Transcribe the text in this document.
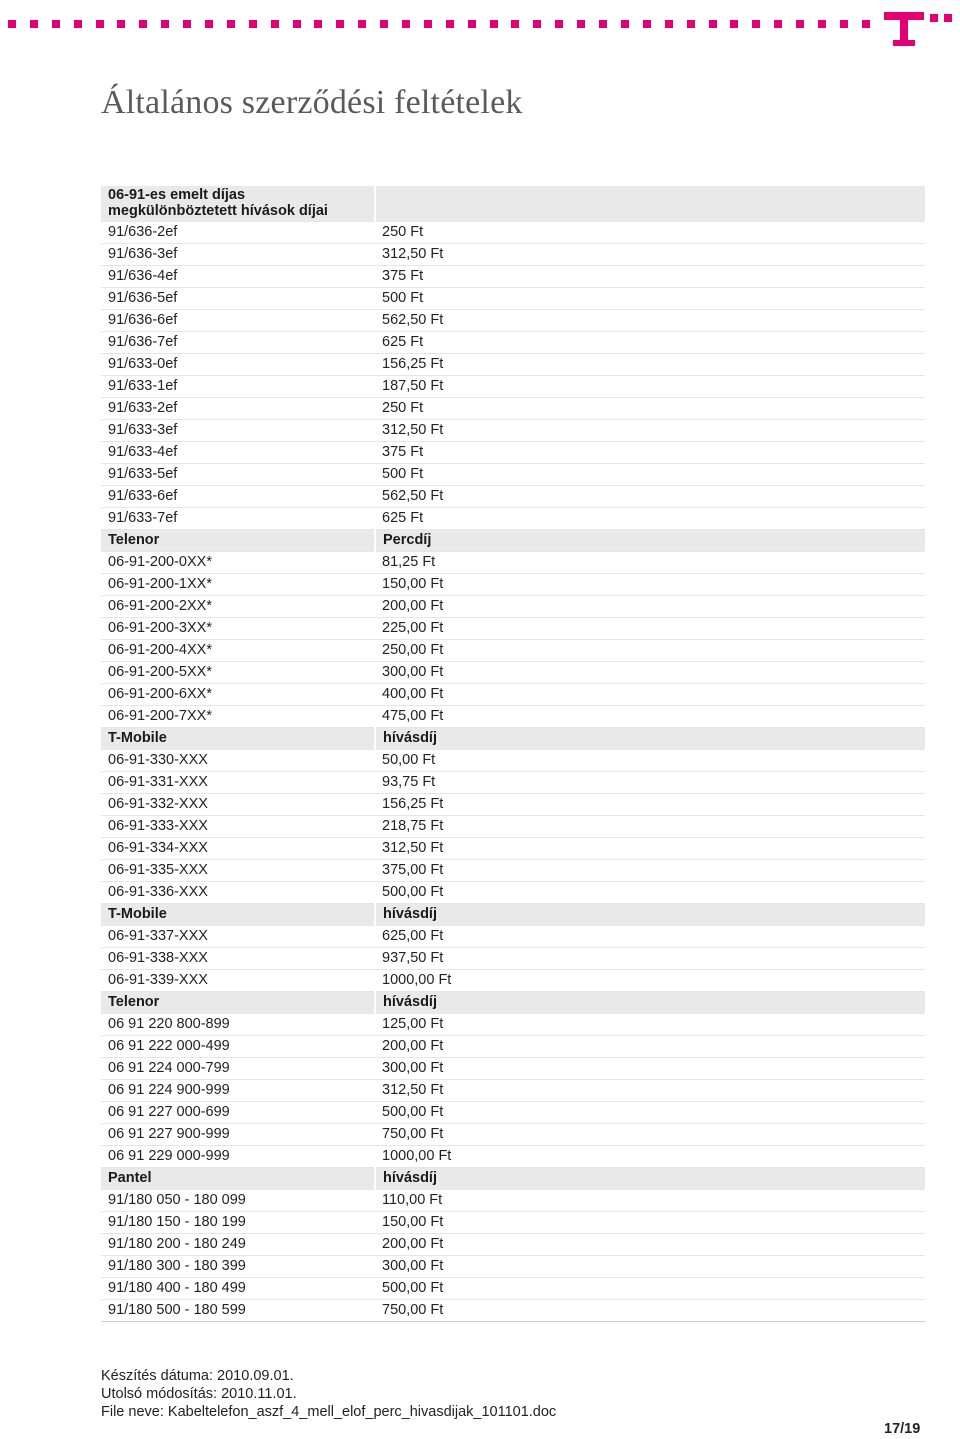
Általános szerződési feltételek
06-91-es emelt díjas
megkülönböztetett hívások díjai	

91/636-2ef	250 Ft
91/636-3ef	312,50 Ft
91/636-4ef	375 Ft
91/636-5ef	500 Ft
91/636-6ef	562,50 Ft
91/636-7ef	625 Ft
91/633-0ef	156,25 Ft
91/633-1ef	187,50 Ft
91/633-2ef	250 Ft
91/633-3ef	312,50 Ft
91/633-4ef	375 Ft
91/633-5ef	500 Ft
91/633-6ef	562,50 Ft
91/633-7ef	625 Ft
Telenor	Percdíj
06-91-200-0XX*	81,25 Ft
06-91-200-1XX*	150,00 Ft
06-91-200-2XX*	200,00 Ft
06-91-200-3XX*	225,00 Ft
06-91-200-4XX*	250,00 Ft
06-91-200-5XX*	300,00 Ft
06-91-200-6XX*	400,00 Ft
06-91-200-7XX*	475,00 Ft
T-Mobile	hívásdíj
06-91-330-XXX	50,00 Ft
06-91-331-XXX	93,75 Ft
06-91-332-XXX	156,25 Ft
06-91-333-XXX	218,75 Ft
06-91-334-XXX	312,50 Ft
06-91-335-XXX	375,00 Ft
06-91-336-XXX	500,00 Ft
T-Mobile	hívásdíj
06-91-337-XXX	625,00 Ft
06-91-338-XXX	937,50 Ft
06-91-339-XXX	1000,00 Ft
Telenor	hívásdíj
06 91 220 800-899	125,00 Ft
06 91 222 000-499	200,00 Ft
06 91 224 000-799	300,00 Ft
06 91 224 900-999	312,50 Ft
06 91 227 000-699	500,00 Ft
06 91 227 900-999	750,00 Ft
06 91 229 000-999	1000,00 Ft
Pantel	hívásdíj
91/180 050 - 180 099	110,00 Ft
91/180 150 - 180 199	150,00 Ft
91/180 200 - 180 249	200,00 Ft
91/180 300 - 180 399	300,00 Ft
91/180 400 - 180 499	500,00 Ft
91/180 500 - 180 599	750,00 Ft
Készítés dátuma: 2010.09.01.
Utolsó módosítás: 2010.11.01.
File neve: Kabeltelefon_aszf_4_mell_elof_perc_hivasdijak_101101.doc
17/19
